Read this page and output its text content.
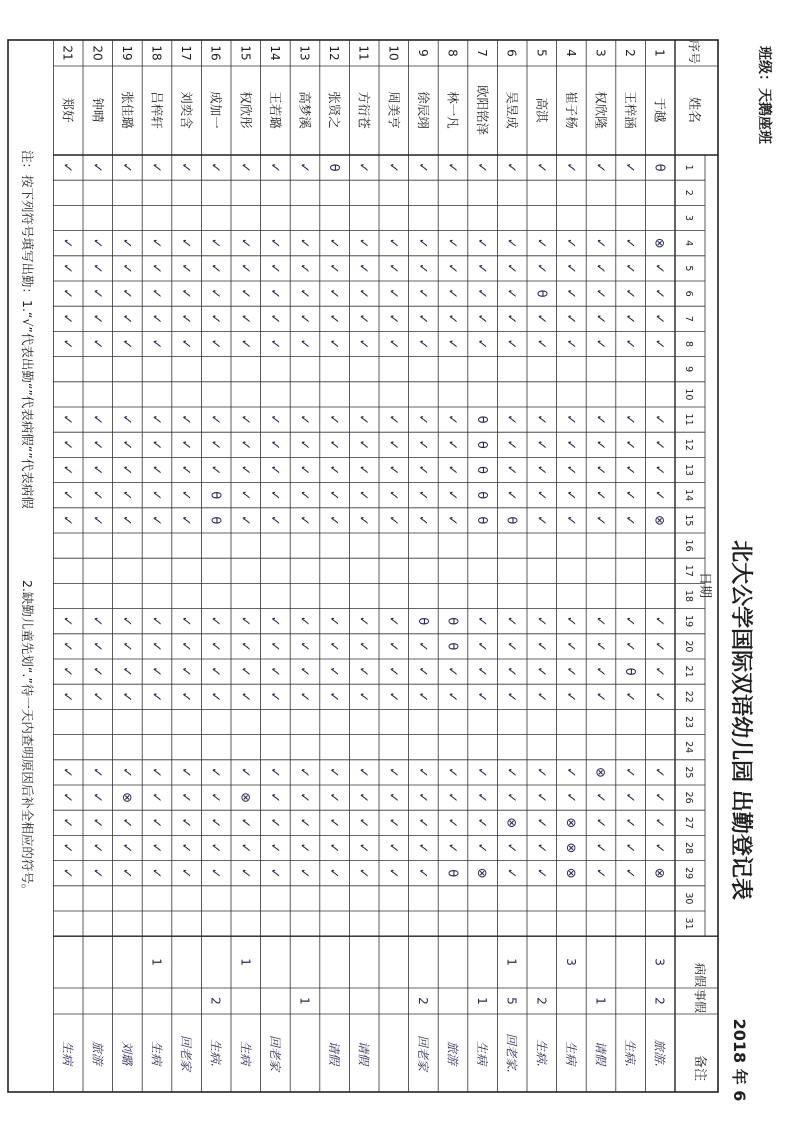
北大公学国际双语幼儿园 出勤登记表
2018 年 6
班级：天鹅座班
序号
姓名
日期
病假
事假
备注
1
2
3
4
5
6
7
8
9
10
11
12
13
14
15
16
17
18
19
20
21
22
23
24
25
26
27
28
29
30
31
1
于越
θ
⊗
✓
✓
✓
✓
✓
✓
✓
✓
⊗
✓
✓
✓
✓
✓
✓
✓
✓
⊗
3
2
旅游.
2
王梓涵
✓
✓
✓
✓
✓
✓
✓
✓
✓
✓
✓
✓
✓
θ
✓
✓
✓
✓
✓
✓
生病.
3
权欣隆
✓
✓
✓
✓
✓
✓
✓
✓
✓
✓
✓
✓
✓
✓
✓
⊗
✓
✓
✓
✓
1
请假
4
崔子杨
✓
✓
✓
✓
✓
✓
✓
✓
✓
✓
✓
✓
✓
✓
✓
✓
✓
⊗
⊗
⊗
3
生病
5
高淇
✓
✓
✓
θ
✓
✓
✓
✓
✓
✓
✓
✓
✓
✓
✓
✓
✓
✓
✓
✓
2
生病.
6
吴昱成
✓
✓
✓
✓
✓
✓
✓
✓
✓
✓
θ
✓
✓
✓
✓
✓
✓
⊗
✓
✓
1
5
回老家.
7
欧阳铭泽
✓
✓
✓
✓
✓
✓
θ
θ
θ
θ
θ
✓
✓
✓
✓
✓
✓
✓
✓
⊗
1
生病
8
林一凡
✓
✓
✓
✓
✓
✓
✓
✓
✓
✓
✓
θ
θ
✓
✓
✓
✓
✓
✓
θ
旅游
9
徐辰翊
✓
✓
✓
✓
✓
✓
✓
✓
✓
✓
✓
θ
✓
✓
✓
✓
✓
✓
✓
✓
2
回老家
10
周美亨
✓
✓
✓
✓
✓
✓
✓
✓
✓
✓
✓
✓
✓
✓
✓
✓
✓
✓
✓
✓
11
方衍苍
✓
✓
✓
✓
✓
✓
✓
✓
✓
✓
✓
✓
✓
✓
✓
✓
✓
✓
✓
✓
请假
12
张贤之
θ
✓
✓
✓
✓
✓
✓
✓
✓
✓
✓
✓
✓
✓
✓
✓
✓
✓
✓
✓
请假
13
高梦溪
✓
✓
✓
✓
✓
✓
✓
✓
✓
✓
✓
✓
✓
✓
✓
✓
✓
✓
✓
✓
1
14
王若璐
✓
✓
✓
✓
✓
✓
✓
✓
✓
✓
✓
✓
✓
✓
✓
✓
✓
✓
✓
✓
回老家
15
权欣彤
✓
✓
✓
✓
✓
✓
✓
✓
✓
✓
✓
✓
✓
✓
✓
✓
⊗
✓
✓
✓
1
生病
16
成加一
✓
✓
✓
✓
✓
✓
✓
✓
✓
θ
θ
✓
✓
✓
✓
✓
✓
✓
✓
✓
2
生病.
17
刘奕含
✓
✓
✓
✓
✓
✓
✓
✓
✓
✓
✓
✓
✓
✓
✓
✓
✓
✓
✓
✓
回老家
18
吕梓轩
✓
✓
✓
✓
✓
✓
✓
✓
✓
✓
✓
✓
✓
✓
✓
✓
✓
✓
✓
✓
1
生病
19
张佳璐
✓
✓
✓
✓
✓
✓
✓
✓
✓
✓
✓
✓
✓
✓
✓
✓
⊗
✓
✓
✓
刘璐
20
钟晴
✓
✓
✓
✓
✓
✓
✓
✓
✓
✓
✓
✓
✓
✓
✓
✓
✓
✓
✓
✓
旅游
21
郑好
✓
✓
✓
✓
✓
✓
✓
✓
✓
✓
✓
✓
✓
✓
✓
✓
✓
✓
✓
✓
生病
注：按下列符号填写出勤：1.“√”代表出勤“”代表病假“”代表病假
2.缺勤儿童先划“.”待一天内查明原因后补全相应的符号。
